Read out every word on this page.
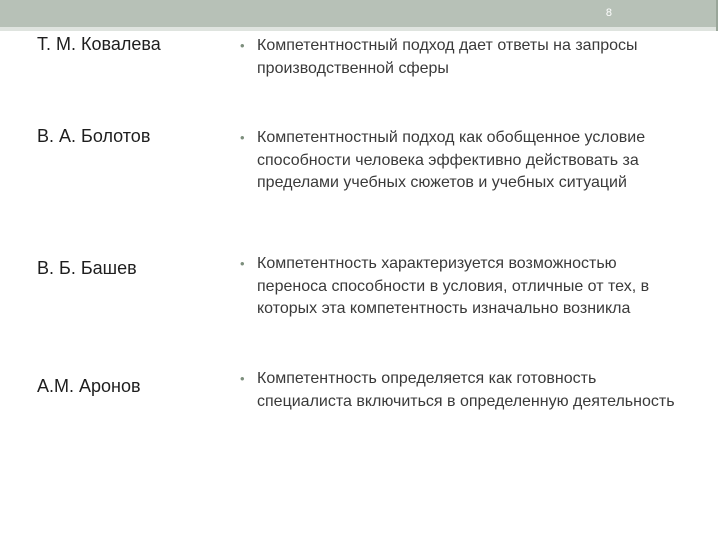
8
Т. М. Ковалева	• Компетентностный подход дает ответы на запросы производственной сферы
В. А. Болотов	• Компетентностный подход как обобщенное условие способности человека эффективно действовать за пределами учебных сюжетов и учебных ситуаций
В. Б. Башев	• Компетентность характеризуется возможностью переноса способности в условия, отличные от тех, в которых эта компетентность изначально возникла
А.М. Аронов	• Компетентность определяется как готовность специалиста включиться в определенную деятельность
